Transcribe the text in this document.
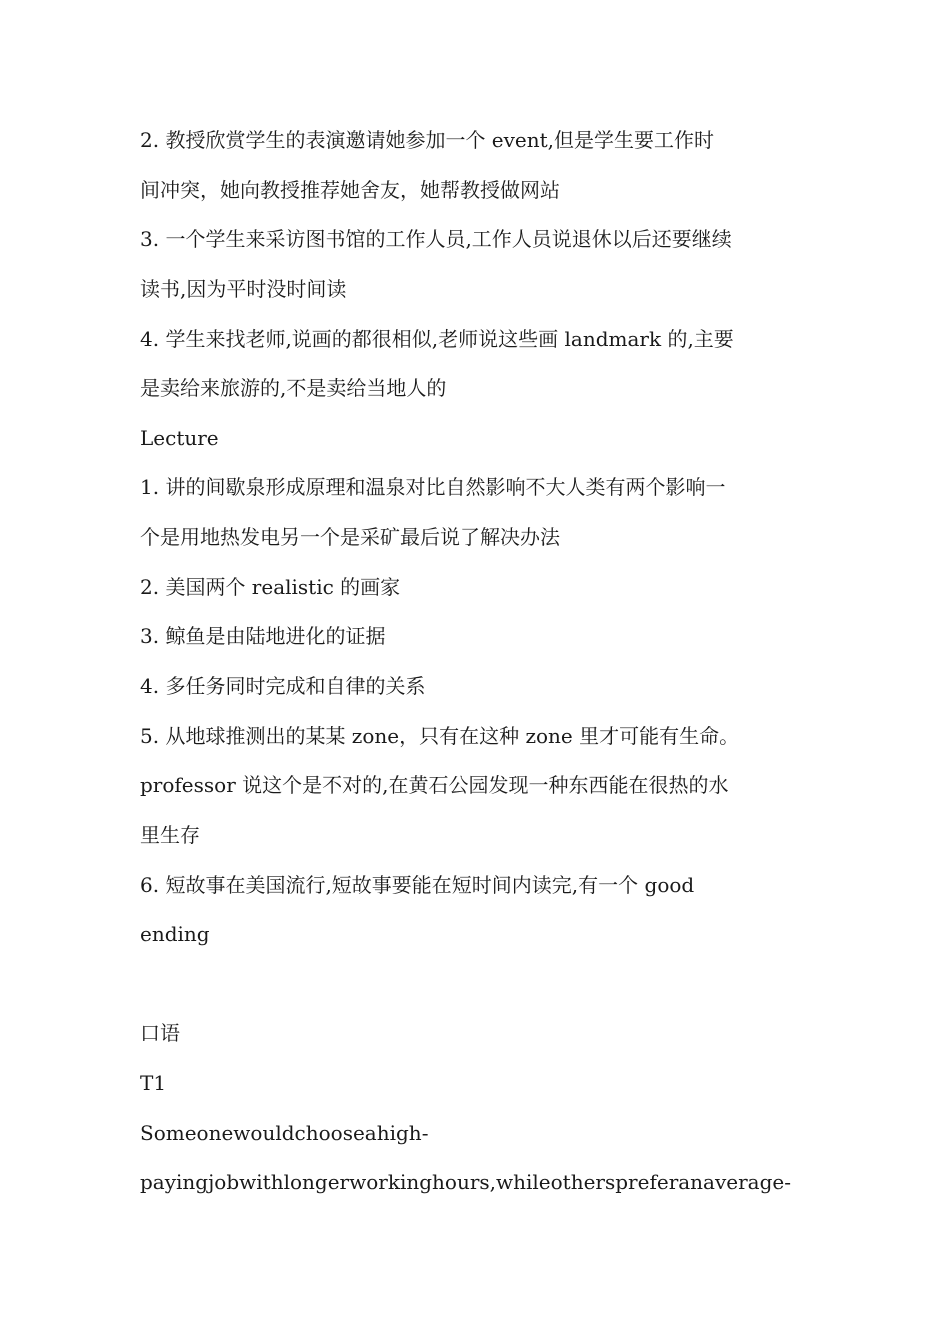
2. 教授欣赏学生的表演邀请她参加一个 event,但是学生要工作时
间冲突，她向教授推荐她舍友，她帮教授做网站
3. 一个学生来采访图书馆的工作人员,工作人员说退休以后还要继续
读书,因为平时没时间读
4. 学生来找老师,说画的都很相似,老师说这些画 landmark 的,主要
是卖给来旅游的,不是卖给当地人的
Lecture
1. 讲的间歇泉形成原理和温泉对比自然影响不大人类有两个影响一
个是用地热发电另一个是采矿最后说了解决办法
2. 美国两个 realistic 的画家
3. 鲸鱼是由陆地进化的证据
4. 多任务同时完成和自律的关系
5. 从地球推测出的某某 zone，只有在这种 zone 里才可能有生命。
professor 说这个是不对的,在黄石公园发现一种东西能在很热的水
里生存
6. 短故事在美国流行,短故事要能在短时间内读完,有一个 good
ending
口语
T1
Someonewouldchooseahigh-
payingjobwithlongerworkinghours,whileotherspreferanaverage-
